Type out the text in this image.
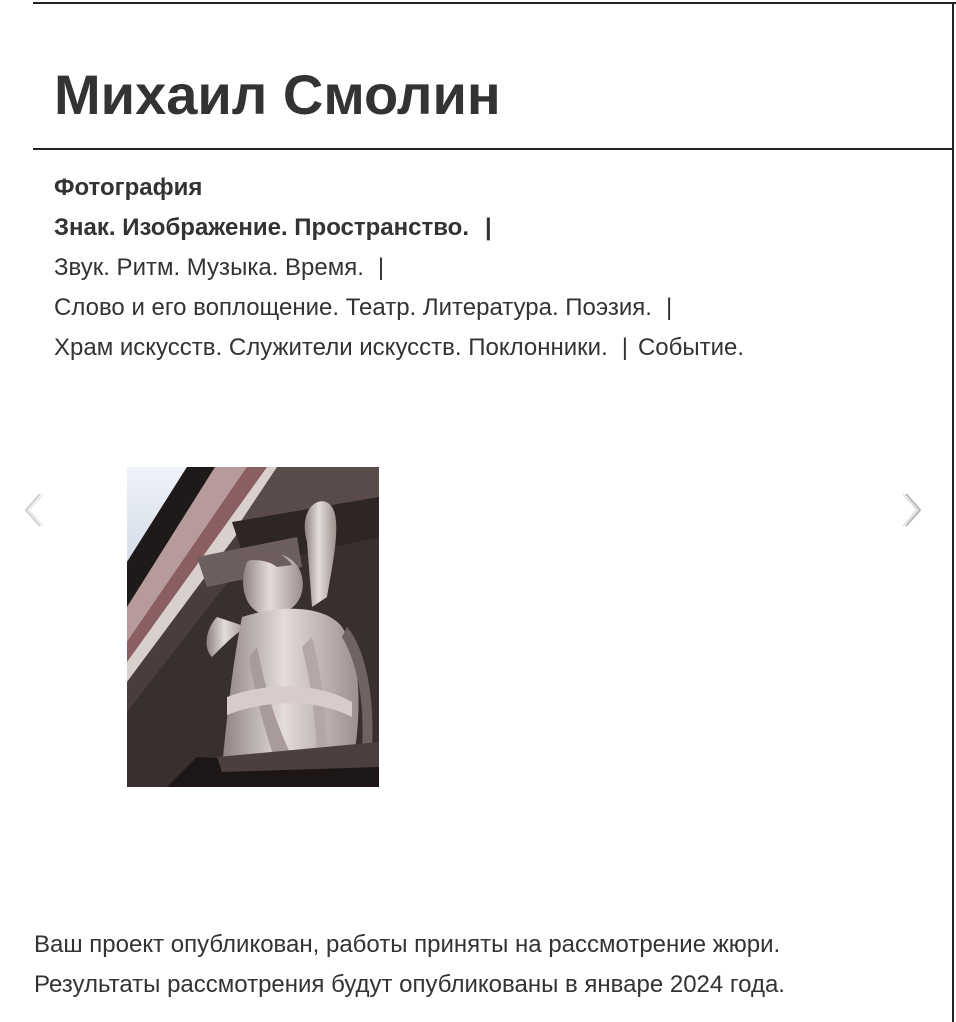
Михаил Смолин
Фотография
Знак. Изображение. Пространство. |
Звук. Ритм. Музыка. Время. |
Слово и его воплощение. Театр. Литература. Поэзия. |
Храм искусств. Служители искусств. Поклонники. | Событие.
Ваш проект опубликован, работы приняты на рассмотрение жюри.
Результаты рассмотрения будут опубликованы в январе 2024 года.
